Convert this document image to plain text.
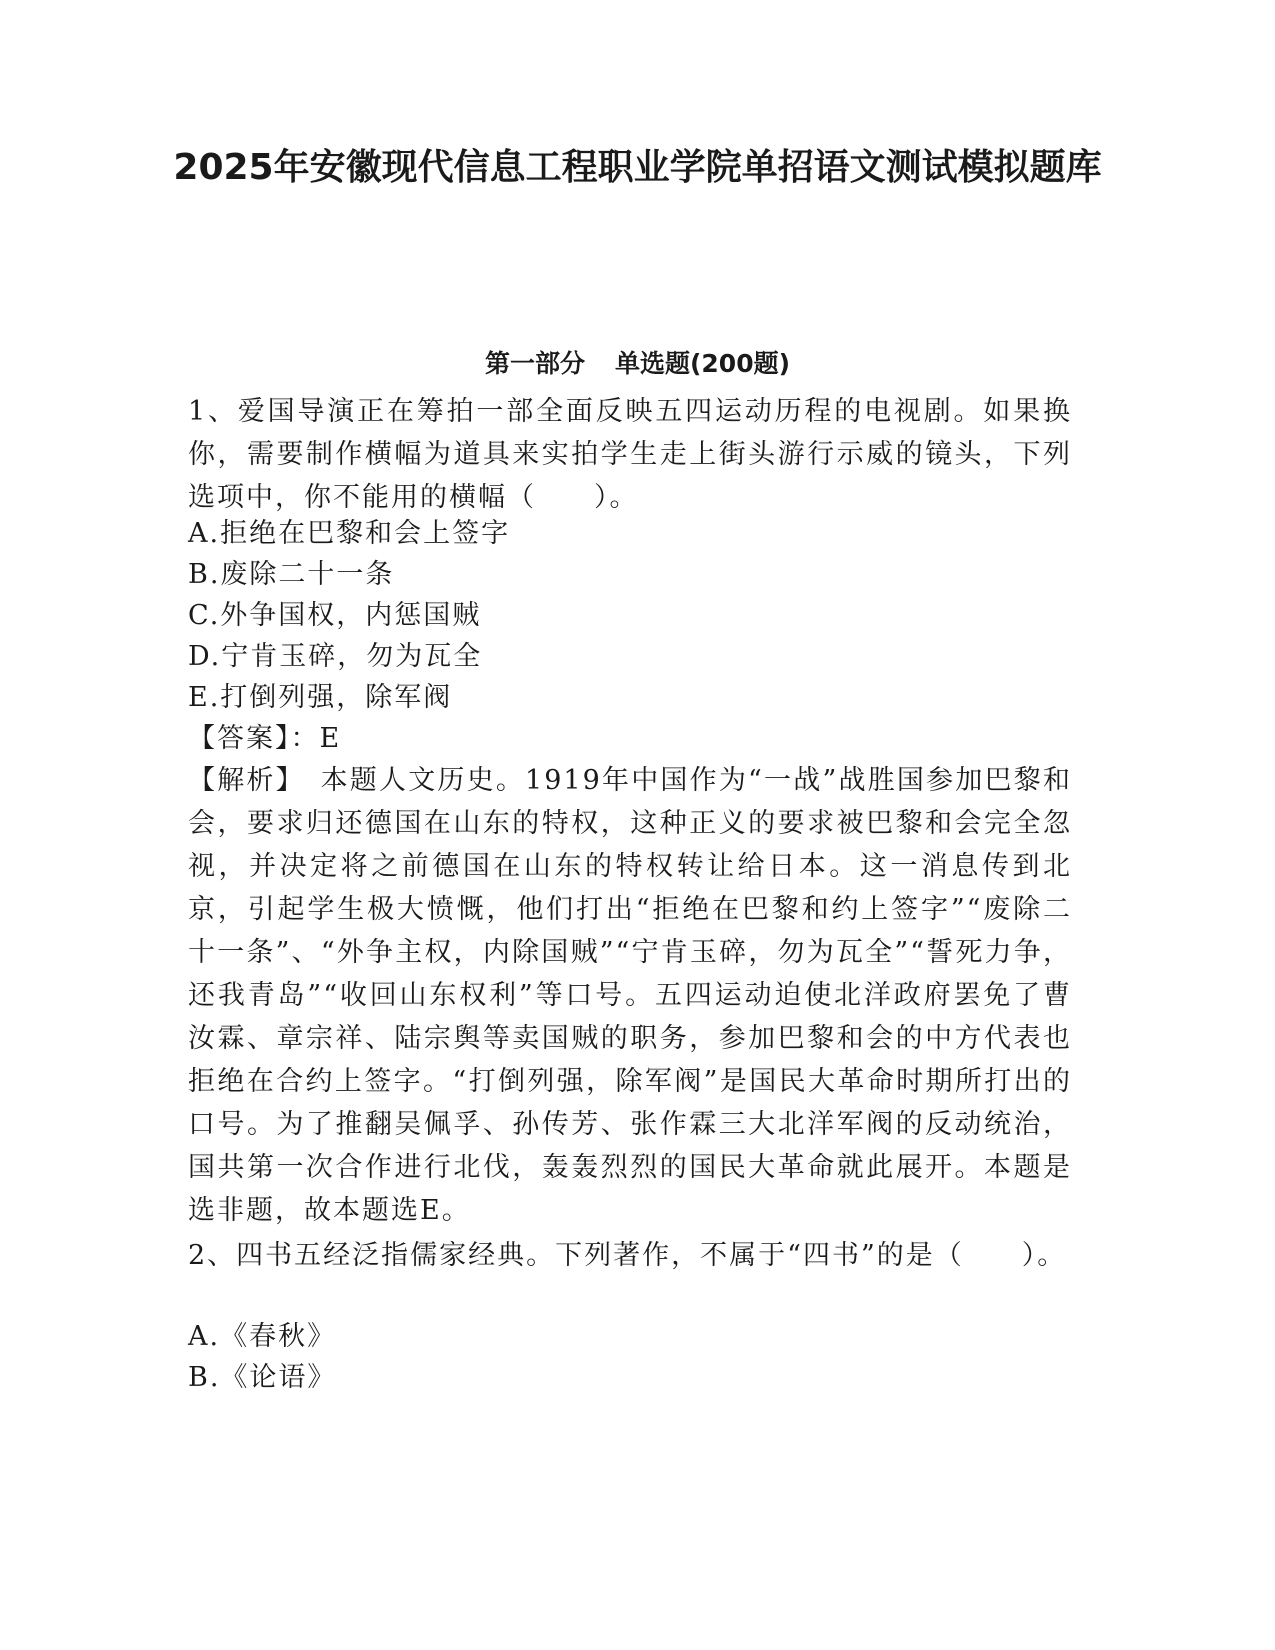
2025年安徽现代信息工程职业学院单招语文测试模拟题库
第一部分 单选题(200题)

1、爱国导演正在筹拍一部全面反映五四运动历程的电视剧。如果换你，需要制作横幅为道具来实拍学生走上街头游行示威的镜头，下列选项中，你不能用的横幅（　　）。

A.拒绝在巴黎和会上签字
B.废除二十一条
C.外争国权，内惩国贼
D.宁肯玉碎，勿为瓦全
E.打倒列强，除军阀
【答案】：E

【解析】　本题人文历史。1919年中国作为“一战”战胜国参加巴黎和会，要求归还德国在山东的特权，这种正义的要求被巴黎和会完全忽视，并决定将之前德国在山东的特权转让给日本。这一消息传到北京，引起学生极大愤慨，他们打出“拒绝在巴黎和约上签字”“废除二十一条”、“外争主权，内除国贼”“宁肯玉碎，勿为瓦全”“誓死力争，还我青岛”“收回山东权利”等口号。五四运动迫使北洋政府罢免了曹汝霖、章宗祥、陆宗舆等卖国贼的职务，参加巴黎和会的中方代表也拒绝在合约上签字。“打倒列强，除军阀”是国民大革命时期所打出的口号。为了推翻吴佩孚、孙传芳、张作霖三大北洋军阀的反动统治，国共第一次合作进行北伐，轰轰烈烈的国民大革命就此展开。本题是选非题，故本题选E。

2、四书五经泛指儒家经典。下列著作，不属于“四书”的是（　　）。

A.《春秋》
B.《论语》
